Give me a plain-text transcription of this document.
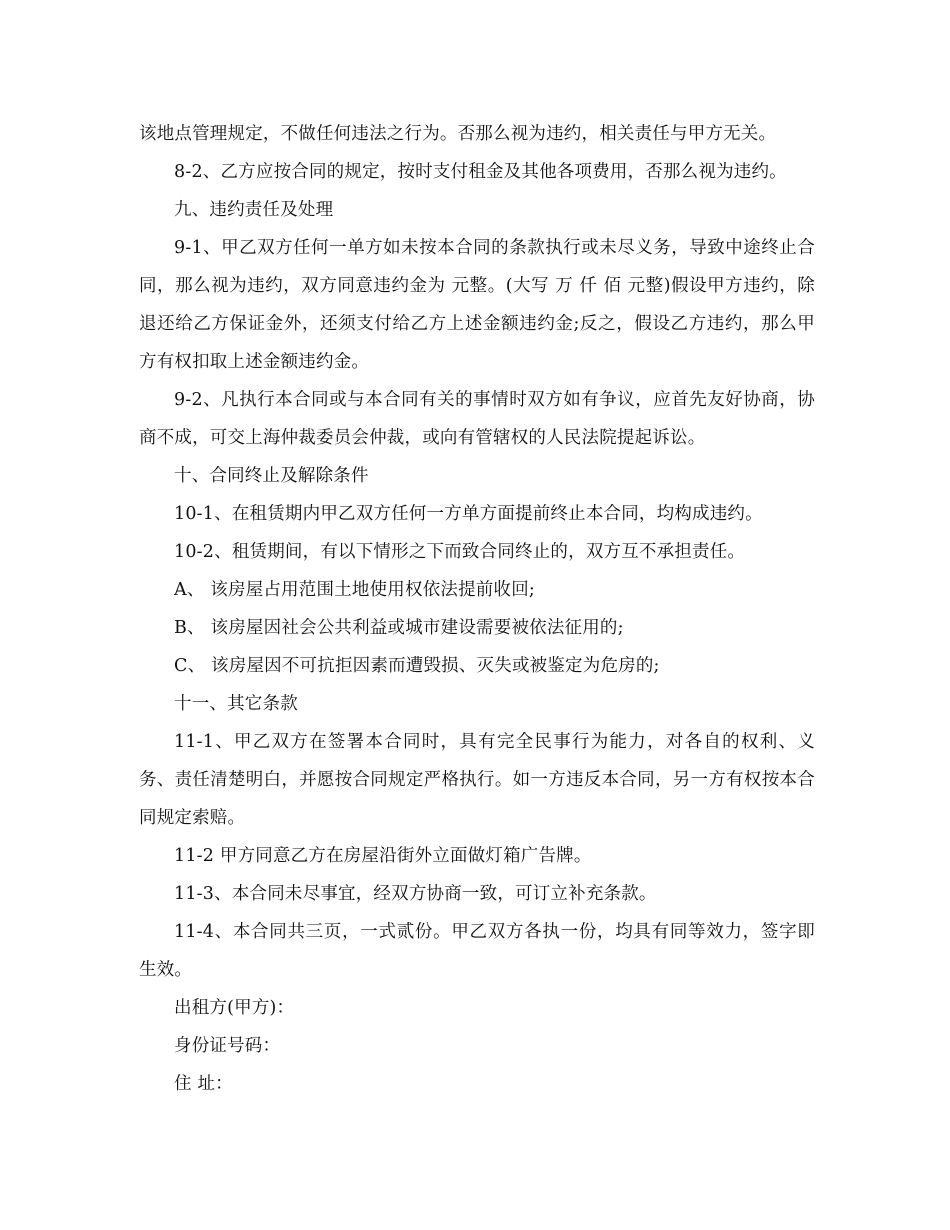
该地点管理规定，不做任何违法之行为。否那么视为违约，相关责任与甲方无关。

8-2、乙方应按合同的规定，按时支付租金及其他各项费用，否那么视为违约。

九、违约责任及处理

9-1、甲乙双方任何一单方如未按本合同的条款执行或未尽义务，导致中途终止合同，那么视为违约，双方同意违约金为 元整。(大写 万 仟 佰 元整)假设甲方违约，除退还给乙方保证金外，还须支付给乙方上述金额违约金;反之，假设乙方违约，那么甲方有权扣取上述金额违约金。

9-2、凡执行本合同或与本合同有关的事情时双方如有争议，应首先友好协商，协商不成，可交上海仲裁委员会仲裁，或向有管辖权的人民法院提起诉讼。

十、合同终止及解除条件

10-1、在租赁期内甲乙双方任何一方单方面提前终止本合同，均构成违约。

10-2、租赁期间，有以下情形之下而致合同终止的，双方互不承担责任。

A、 该房屋占用范围土地使用权依法提前收回;

B、 该房屋因社会公共利益或城市建设需要被依法征用的;

C、 该房屋因不可抗拒因素而遭毁损、灭失或被鉴定为危房的;

十一、其它条款

11-1、甲乙双方在签署本合同时，具有完全民事行为能力，对各自的权利、义务、责任清楚明白，并愿按合同规定严格执行。如一方违反本合同，另一方有权按本合同规定索赔。

11-2 甲方同意乙方在房屋沿街外立面做灯箱广告牌。

11-3、本合同未尽事宜，经双方协商一致，可订立补充条款。

11-4、本合同共三页，一式贰份。甲乙双方各执一份，均具有同等效力，签字即生效。

出租方(甲方)：

身份证号码：

住 址：
